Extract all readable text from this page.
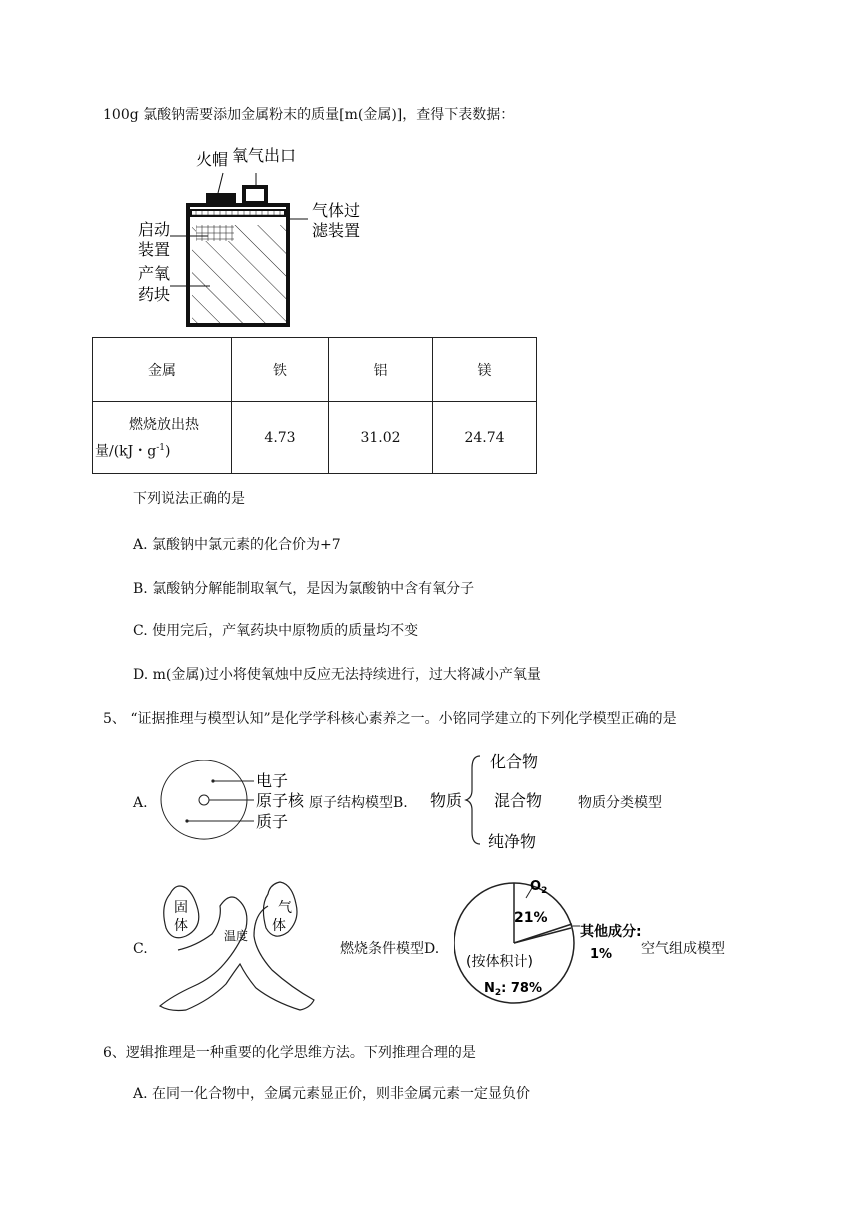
100g 氯酸钠需要添加金属粉末的质量[m(金属)]，查得下表数据：
火帽 氧气出口
启动
装置
产氧
药块
气体过
滤装置
金属	铁	铝	镁

燃烧放出热
量/(kJ・$g^{-1}$)	4.73	31.02	24.74
下列说法正确的是
A. 氯酸钠中氯元素的化合价为+7
B. 氯酸钠分解能制取氧气，是因为氯酸钠中含有氧分子
C. 使用完后，产氧药块中原物质的质量均不变
D. m(金属)过小将使氧烛中反应无法持续进行，过大将减小产氧量
5、 “证据推理与模型认知”是化学学科核心素养之一。小铭同学建立的下列化学模型正确的是
A.
电子
原子核
质子
原子结构模型B. 物质
化合物
混合物
纯净物
物质分类模型
C.
固
体
温 度
气
体
燃烧条件模型D.
$O_2$
21%
其他成分:
1%
(按体积计)
$N_2$: 78%
空气组成模型
6、逻辑推理是一种重要的化学思维方法。下列推理合理的是
A. 在同一化合物中，金属元素显正价，则非金属元素一定显负价
